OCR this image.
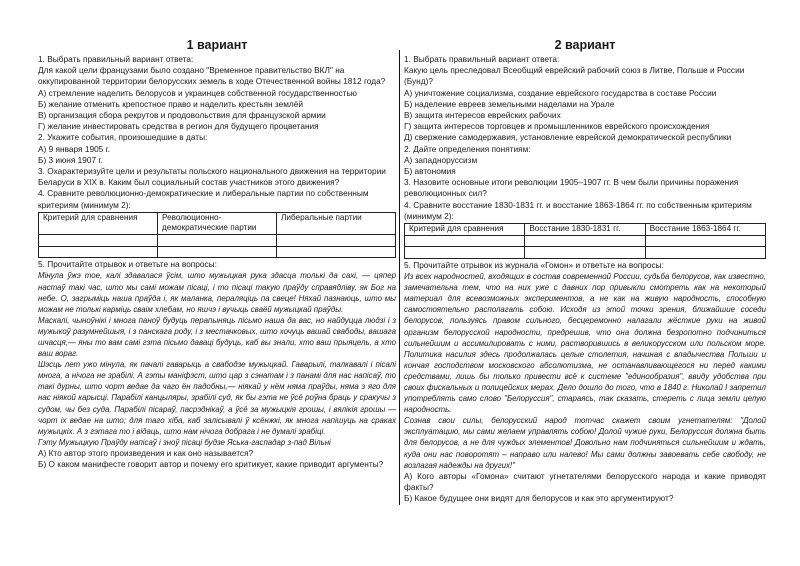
1 вариант

1. Выбрать правильный вариант ответа:

Для какой цели французами было создано "Временное правительство ВКЛ" на оккупированной территории белорусских земель в ходе Отечественной войны 1812 года?

А) стремление наделить белорусов и украинцев собственной государственностью

Б) желание отменить крепостное право и наделить крестьян землёй

В) организация сбора рекрутов и продовольствия для французской армии

Г) желание инвестировать средства в регион для будущего процветания

2. Укажите события, произошедшие в даты:

А) 9 января 1905 г.

Б) 3 июня 1907 г.

3. Охарактеризуйте цели и результаты польского национального движения на территории Беларуси в XIX в. Каким был социальный состав участников этого движения?

4. Сравните революционно-демократические и либеральные партии по собственным критериям (минимум 2):

Критерий для сравнения	Революционно-демократические партии	Либеральные партии

5. Прочитайте отрывок и ответьте на вопросы:

Мінула ўжэ тое, калі здавалася ўсім, што мужыцкая рука здасца толькі да сахі, — цяпер настаў такі час, што мы самі можам пісаці, і то пісаці такую праўду справядліву, як Бог на небе. О, загрыміць наша праўда і, як маланка, пераляціць па свеце! Няхай пазнаюць, што мы можам не толькі карміць сваім хлебам, но яшчэ і вучыць сваёй мужыцкай праўды.

Маскалі, чыноўнікі і многа паноў будуць перапыняць пісьмо наша да вас, но найдуцца людзі і з мужыкоў разумнейшыя, і з панскага роду, і з местачковых, што хочуць вашай свабоды, вашага шчасця,— яны то вам самі гэта пісьмо даваці будуць, каб вы знали, хто ваш прыяцель, а хто ваш вораг.

Шэсць лет ужо мінула, як пачалі гаварыць а свабодзе мужыцкай. Гаварылі, талкавалі і пісалі многа, а нічога не зрабілі. А гэты маніфэст, што цар з сэнатам і з панамі для нас напісаў, то такі дурны, што чорт ведае да чаго ён падобны,— ніякай у нём няма праўды, няма з яго для нас ніякой карысці. Парабілі канцыляры, зрабілі суд, як бы гэта не ўсё роўна браць у сракучы з судом, чы без суда. Парабілі пісараў, пасрэднікаў, а ўсё за мужыцкія грошы, і вялікія грошы — чорт іх ведае на што; для таго хіба, каб залісывалі ў ксёнжкі, як многа напішуць на сраках мужыцкіх. А з гэтага то і відаць, што нам нічога добрага і не думалі зрабіці.

Гэту Мужыцкую Праўду напісаў і зноў пісаці будзе Яська-гаспадар з-пад Вільні

А) Кто автор этого произведения и как оно называется?

Б) О каком манифесте говорит автор и почему его критикует, какие приводит аргументы?

2 вариант

1. Выбрать правильный вариант ответа:

Какую цель преследовал Всеобщий еврейский рабочий союз в Литве, Польше и России (Бунд)?

А) уничтожение социализма, создание еврейского государства в составе России

Б) наделение евреев земельными наделами на Урале

В) защита интересов еврейских рабочих

Г) защита интересов торговцев и промышленников еврейского происхождения

Д) свержение самодержавия, установление еврейской демократической республики

2. Дайте определения понятиям:

А) западноруссизм

Б) автономия

3. Назовите основные итоги революции 1905–1907 гг. В чем были причины поражения революционных сил?

4. Сравните восстание 1830-1831 гг. и восстание 1863-1864 гг. по собственным критериям (минимум 2):

Критерий для сравнения	Восстание 1830-1831 гг.	Восстание 1863-1864 гг.

5. Прочитайте отрывок из журнала «Гомон» и ответьте на вопросы:

Из всех народностей, входящих в состав современной России, судьба белорусов, как известно, замечательна тем, что на них уже с давних пор привыкли смотреть как на некоторый материал для всевозможных экспериментов, а не как на живую народность, способную самостоятельно располагать собою. Исходя из этой точки зрения, ближайшие соседи белорусов, пользуясь правом сильного, бесцеремонно налагали жёсткие руки на живой организм белорусской народности, предрешив, что она должна безропотно подчиниться сильнейшим и ассимилировать с ними, растворившись в великорусском или польском море. Политика насилия здесь продолжалась целые столетия, начиная с владычества Польши и кончая господством московского абсолютизма, не останавливающегося ни перед какими средствами, лишь бы только привести всё к системе "единообразия", ввиду удобства при своих фискальных и полицейских мерах. Дело дошло до того, что в 1840 г. Николай I запретил употреблять само слово "Белоруссия", стараясь, так сказать, стереть с лица земли целую народность.

Сознав свои силы, белорусский народ тотчас скажет своим угнетателям: "Долой эксплуатацию, мы сами желаем управлять собою! Долой чужие руки, Белоруссия должна быть для белорусов, а не для чуждых элементов! Довольно нам подчиняться сильнейшим и ждать, куда они нас поворотят – направо или налево! Мы сами должны завоевать себе свободу, не возлагая надежды на других!"

А) Кого авторы «Гомона» считают угнетателями белорусского народа и какие приводят факты?

Б) Какое будущее они видят для белорусов и как это аргументируют?
